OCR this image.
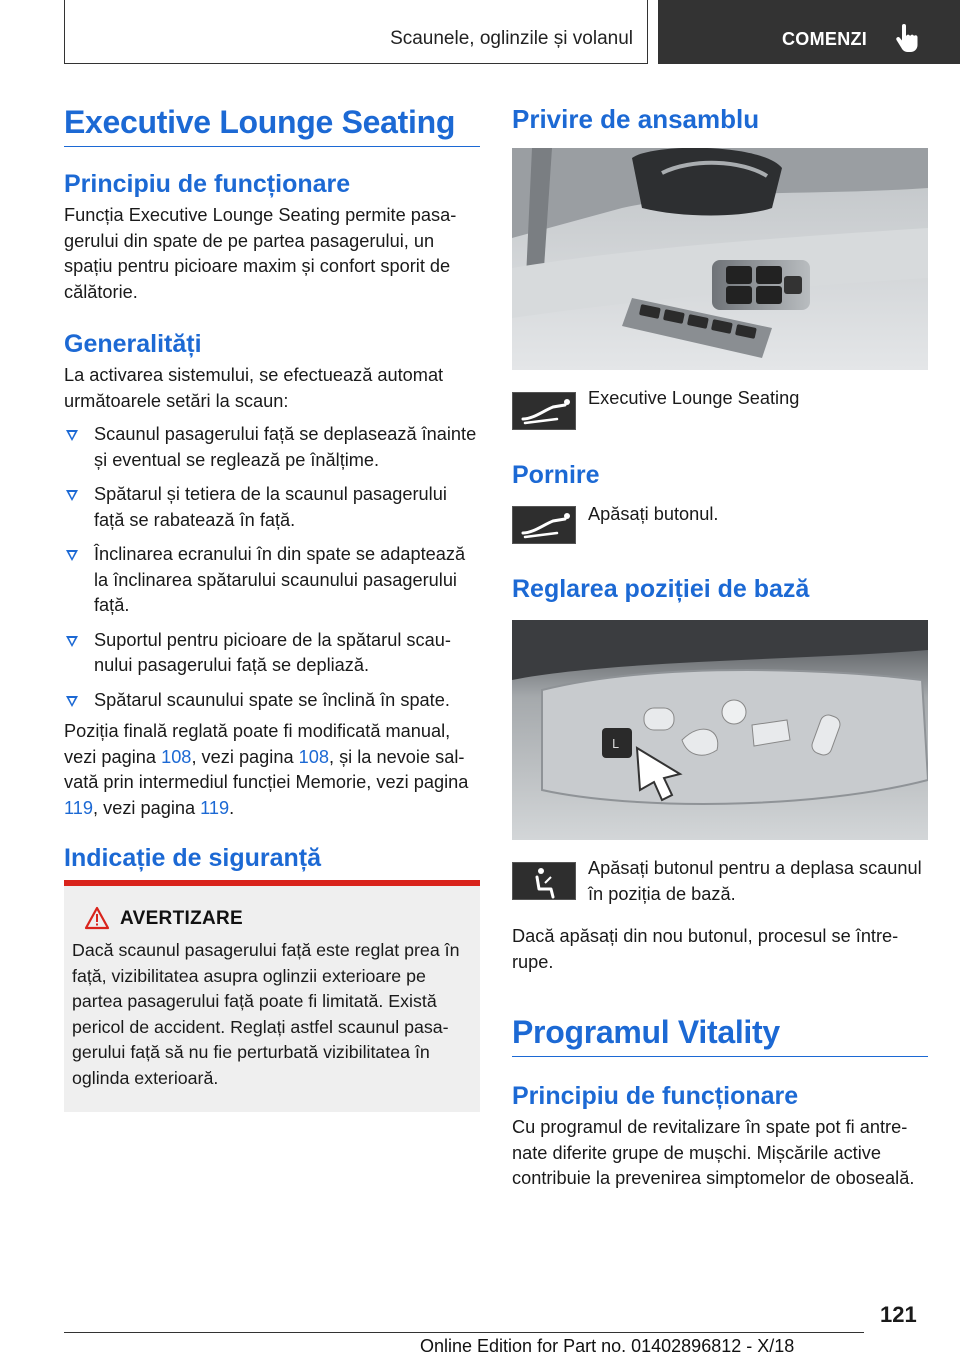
Scaunele, oglinzile și volanul	COMENZI
Executive Lounge Seating
Principiu de funcționare

Funcția Executive Lounge Seating permite pasagerului din spate de pe partea pasagerului, un spațiu pentru picioare maxim și confort sporit de călătorie.

Generalități

La activarea sistemului, se efectuează automat următoarele setări la scaun:

Scaunul pasagerului față se deplasează înainte și eventual se reglează pe înălțime.
Spătarul și tetiera de la scaunul pasagerului față se rabatează în față.
Înclinarea ecranului în din spate se adaptează la înclinarea spătarului scaunului pasagerului față.
Suportul pentru picioare de la spătarul scaunului pasagerului față se depliază.
Spătarul scaunului spate se înclină în spate.

Poziția finală reglată poate fi modificată manual, vezi pagina 108, vezi pagina 108, și la nevoie salvată prin intermediul funcției Memorie, vezi pagina 119, vezi pagina 119.

Indicație de siguranță
AVERTIZARE

Dacă scaunul pasagerului față este reglat prea în față, vizibilitatea asupra oglinzii exterioare pe partea pasagerului față poate fi limitată. Există pericol de accident. Reglați astfel scaunul pasagerului față să nu fie perturbată vizibilitatea în oglinda exterioară.

Privire de ansamblu

Executive Lounge Seating

Pornire

Apăsați butonul.

Reglarea poziției de bază
L

Apăsați butonul pentru a deplasa scaunul în poziția de bază.

Dacă apăsați din nou butonul, procesul se întrerupe.

Programul Vitality
Principiu de funcționare

Cu programul de revitalizare în spate pot fi antrenate diferite grupe de mușchi. Mișcările active contribuie la prevenirea simptomelor de oboseală.

121
Online Edition for Part no. 01402896812 - X/18
